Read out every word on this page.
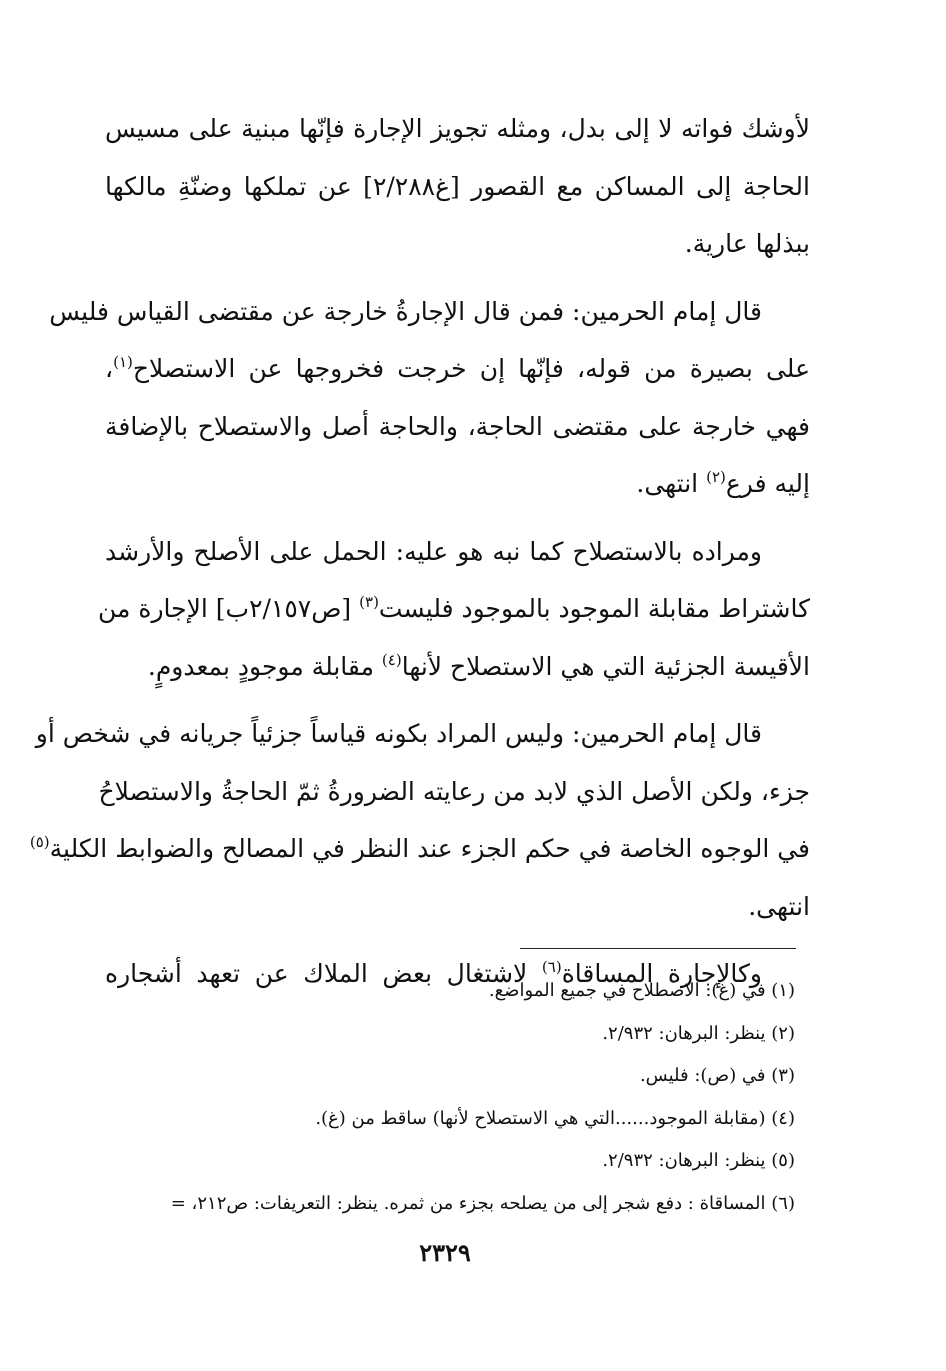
لأوشك فواته لا إلى بدل، ومثله تجويز الإجارة فإنّها مبنية على مسيس
الحاجة إلى المساكن مع القصور [غ٢/٢٨٨] عن تملكها وضنّةِ مالكها
ببذلها عارية.

قال إمام الحرمين: فمن قال الإجارةُ خارجة عن مقتضى القياس فليس
على بصيرة من قوله، فإنّها إن خرجت فخروجها عن الاستصلاح$^{(١)}$،
فهي خارجة على مقتضى الحاجة، والحاجة أصل والاستصلاح بالإضافة
إليه فرع$^{(٢)}$ انتهى.

ومراده بالاستصلاح كما نبه هو عليه: الحمل على الأصلح والأرشد
كاشتراط مقابلة الموجود بالموجود فليست$^{(٣)}$ [ص٢/١٥٧ب] الإجارة من
الأقيسة الجزئية التي هي الاستصلاح لأنها$^{(٤)}$ مقابلة موجودٍ بمعدومٍ.

قال إمام الحرمين: وليس المراد بكونه قياساً جزئياً جريانه في شخص أو
جزء، ولكن الأصل الذي لابد من رعايته الضرورةُ ثمّ الحاجةُ والاستصلاحُ
في الوجوه الخاصة في حكم الجزء عند النظر في المصالح والضوابط الكلية$^{(٥)}$
انتهى.

وكالإجارة المساقاة$^{(٦)}$ لاشتغال بعض الملاك عن تعهد أشجاره

(١) في (غ): الاصطلاح في جميع المواضع.
(٢) ينظر: البرهان: ٢/٩٣٢.
(٣) في (ص): فليس.
(٤) (مقابلة الموجود......التي هي الاستصلاح لأنها) ساقط من (غ).
(٥) ينظر: البرهان: ٢/٩٣٢.
(٦) المساقاة : دفع شجر إلى من يصلحه بجزء من ثمره. ينظر: التعريفات: ص٢١٢، =
٢٣٢٩
